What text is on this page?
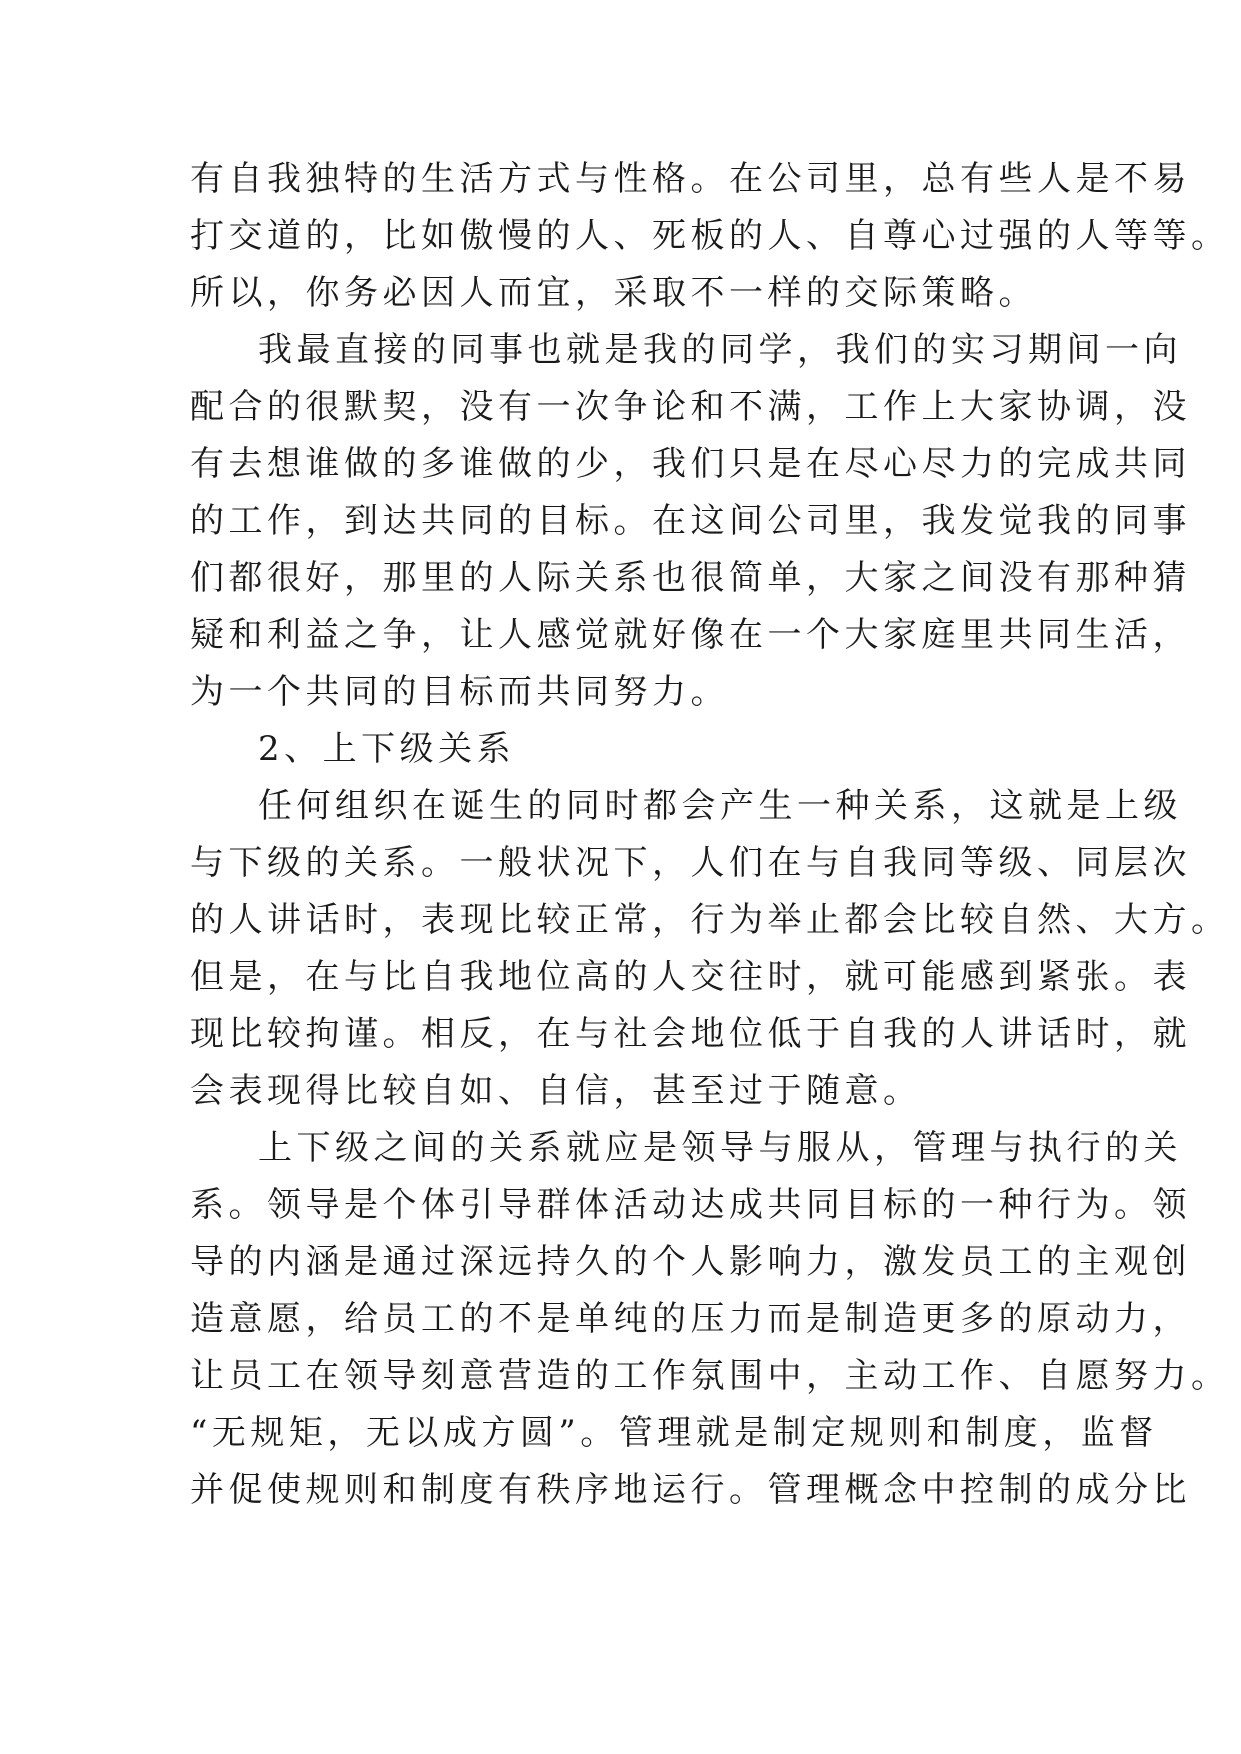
有自我独特的生活方式与性格。在公司里，总有些人是不易

打交道的，比如傲慢的人、死板的人、自尊心过强的人等等。

所以，你务必因人而宜，采取不一样的交际策略。

我最直接的同事也就是我的同学，我们的实习期间一向

配合的很默契，没有一次争论和不满，工作上大家协调，没

有去想谁做的多谁做的少，我们只是在尽心尽力的完成共同

的工作，到达共同的目标。在这间公司里，我发觉我的同事

们都很好，那里的人际关系也很简单，大家之间没有那种猜

疑和利益之争，让人感觉就好像在一个大家庭里共同生活，

为一个共同的目标而共同努力。

2、上下级关系

任何组织在诞生的同时都会产生一种关系，这就是上级

与下级的关系。一般状况下，人们在与自我同等级、同层次

的人讲话时，表现比较正常，行为举止都会比较自然、大方。

但是，在与比自我地位高的人交往时，就可能感到紧张。表

现比较拘谨。相反，在与社会地位低于自我的人讲话时，就

会表现得比较自如、自信，甚至过于随意。

上下级之间的关系就应是领导与服从，管理与执行的关

系。领导是个体引导群体活动达成共同目标的一种行为。领

导的内涵是通过深远持久的个人影响力，激发员工的主观创

造意愿，给员工的不是单纯的压力而是制造更多的原动力，

让员工在领导刻意营造的工作氛围中，主动工作、自愿努力。

“无规矩，无以成方圆”。管理就是制定规则和制度，监督

并促使规则和制度有秩序地运行。管理概念中控制的成分比
